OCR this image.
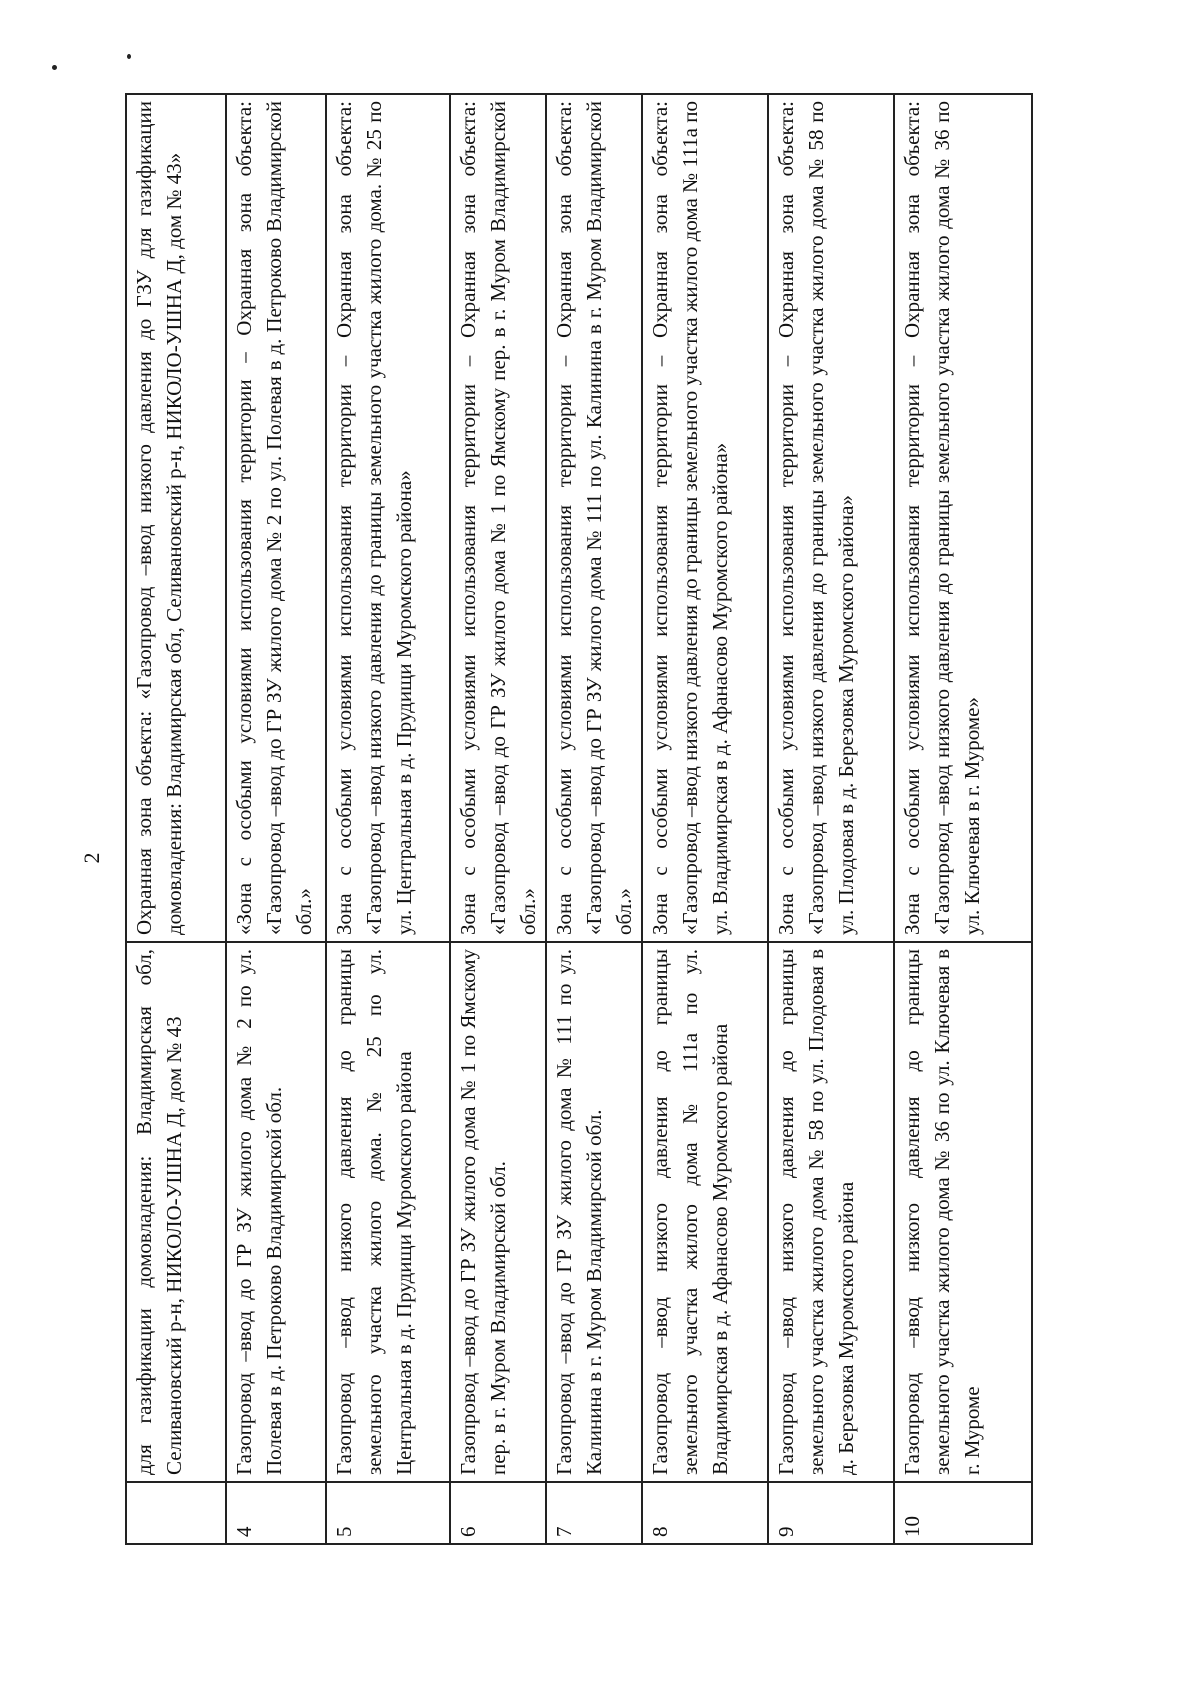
2
	для газификации домовладения: Владимирская обл, Селивановский р-н, НИКОЛО-УШНА Д, дом № 43	Охранная зона объекта: «Газопровод –ввод низкого давления до ГЗУ для газификации домовладения: Владимирская обл, Селивановский р-н, НИКОЛО-УШНА Д, дом № 43»
4	Газопровод –ввод до ГР ЗУ жилого дома № 2 по ул. Полевая в д. Петроково Владимирской обл.	«Зона с особыми условиями использования территории – Охранная зона объекта: «Газопровод –ввод до ГР ЗУ жилого дома № 2 по ул. Полевая в д. Петроково Владимирской обл.»
5	Газопровод –ввод низкого давления до границы земельного участка жилого дома. № 25 по ул. Центральная в д. Прудищи Муромского района	Зона с особыми условиями использования территории – Охранная зона объекта: «Газопровод –ввод низкого давления до границы земельного участка жилого дома. № 25 по ул. Центральная в д. Прудищи Муромского района»
6	Газопровод –ввод до ГР ЗУ жилого дома № 1 по Ямскому пер. в г. Муром Владимирской обл.	Зона с особыми условиями использования территории – Охранная зона объекта: «Газопровод –ввод до ГР ЗУ жилого дома № 1 по Ямскому пер. в г. Муром Владимирской обл.»
7	Газопровод –ввод до ГР ЗУ жилого дома № 111 по ул. Калинина в г. Муром Владимирской обл.	Зона с особыми условиями использования территории – Охранная зона объекта: «Газопровод –ввод до ГР ЗУ жилого дома № 111 по ул. Калинина в г. Муром Владимирской обл.»
8	Газопровод –ввод низкого давления до границы земельного участка жилого дома № 111а по ул. Владимирская в д. Афанасово Муромского района	Зона с особыми условиями использования территории – Охранная зона объекта: «Газопровод –ввод низкого давления до границы земельного участка жилого дома № 111а по ул. Владимирская в д. Афанасово Муромского района»
9	Газопровод –ввод низкого давления до границы земельного участка жилого дома № 58 по ул. Плодовая в д. Березовка Муромского района	Зона с особыми условиями использования территории – Охранная зона объекта: «Газопровод –ввод низкого давления до границы земельного участка жилого дома № 58 по ул. Плодовая в д. Березовка Муромского района»
10	Газопровод –ввод низкого давления до границы земельного участка жилого дома № 36 по ул. Ключевая в г. Муроме	Зона с особыми условиями использования территории – Охранная зона объекта: «Газопровод –ввод низкого давления до границы земельного участка жилого дома № 36 по ул. Ключевая в г. Муроме»
